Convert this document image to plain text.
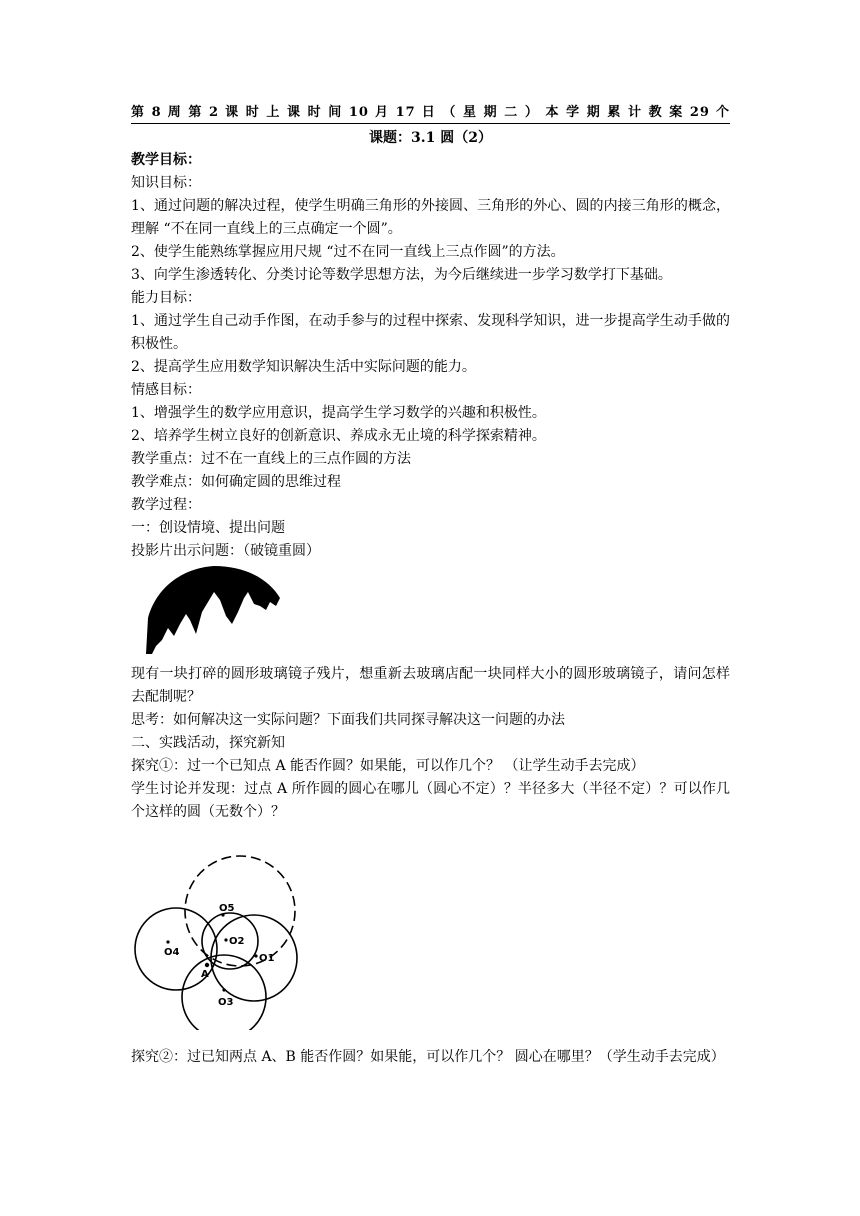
第 8 周 第 2 课 时 上 课 时 间 10 月 17 日 （ 星 期 二 ） 本 学 期 累 计 教 案 29 个
课题：3.1 圆（2）

教学目标：

知识目标：

1、通过问题的解决过程，使学生明确三角形的外接圆、三角形的外心、圆的内接三角形的概念，理解 “不在同一直线上的三点确定一个圆”。

2、使学生能熟练掌握应用尺规 “过不在同一直线上三点作圆”的方法。

3、向学生渗透转化、分类讨论等数学思想方法，为今后继续进一步学习数学打下基础。

能力目标：

1、通过学生自己动手作图，在动手参与的过程中探索、发现科学知识，进一步提高学生动手做的积极性。

2、提高学生应用数学知识解决生活中实际问题的能力。

情感目标：

1、增强学生的数学应用意识，提高学生学习数学的兴趣和积极性。

2、培养学生树立良好的创新意识、养成永无止境的科学探索精神。

教学重点：过不在一直线上的三点作圆的方法

教学难点：如何确定圆的思维过程

教学过程：

一：创设情境、提出问题

投影片出示问题：（破镜重圆）

现有一块打碎的圆形玻璃镜子残片，想重新去玻璃店配一块同样大小的圆形玻璃镜子，请问怎样去配制呢？

思考：如何解决这一实际问题？下面我们共同探寻解决这一问题的办法

二、实践活动，探究新知

探究①：过一个已知点 A 能否作圆？如果能，可以作几个？ （让学生动手去完成）

学生讨论并发现：过点 A 所作圆的圆心在哪儿（圆心不定）？半径多大（半径不定）？可以作几个这样的圆（无数个）？

A
O2
O1
O4
O5
O3

探究②：过已知两点 A、B 能否作圆？如果能，可以作几个？ 圆心在哪里？（学生动手去完成）
